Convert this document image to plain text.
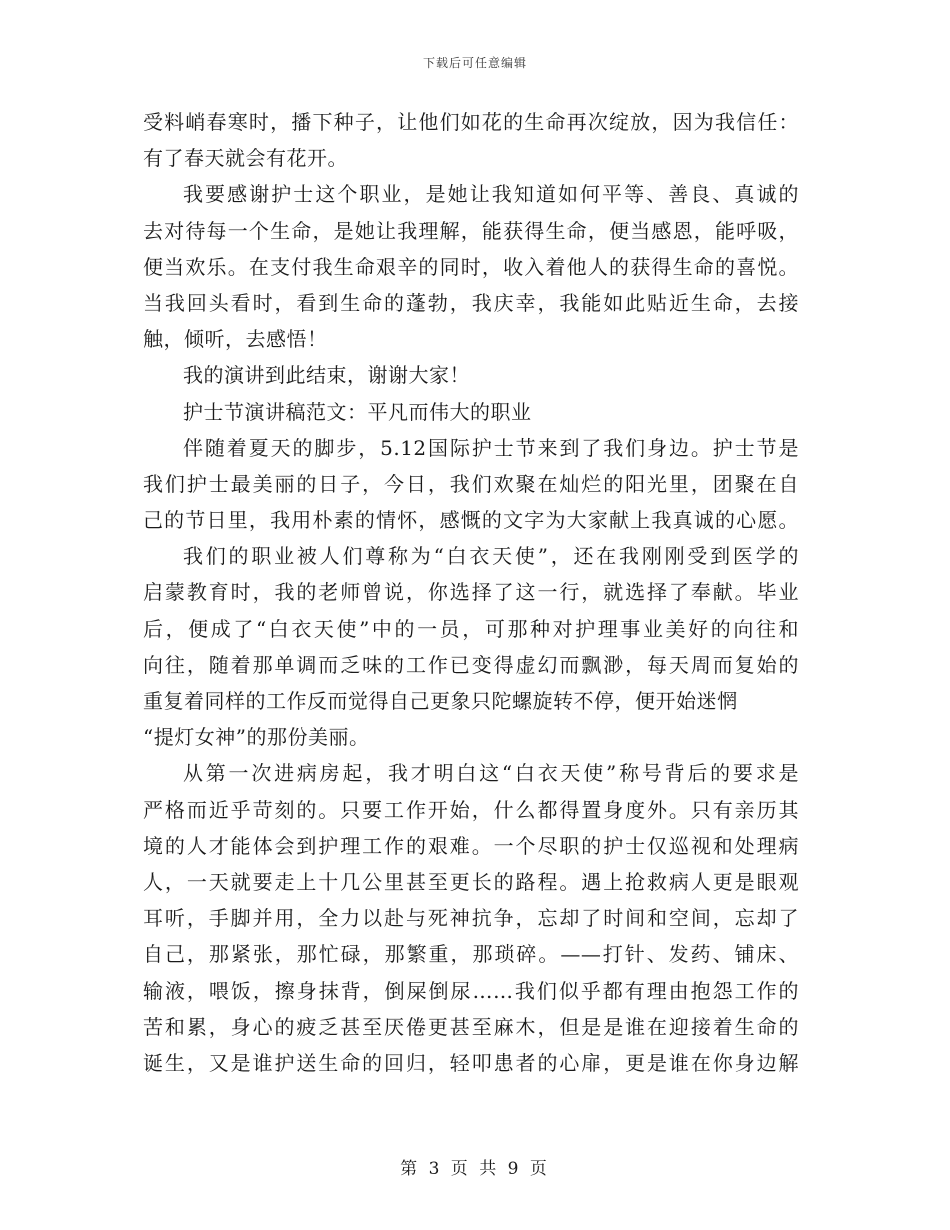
下载后可任意编辑
受料峭春寒时，播下种子，让他们如花的生命再次绽放，因为我信任：
有了春天就会有花开。
我要感谢护士这个职业，是她让我知道如何平等、善良、真诚的
去对待每一个生命，是她让我理解，能获得生命，便当感恩，能呼吸，
便当欢乐。在支付我生命艰辛的同时，收入着他人的获得生命的喜悦。
当我回头看时，看到生命的蓬勃，我庆幸，我能如此贴近生命，去接
触，倾听，去感悟！
我的演讲到此结束，谢谢大家！
护士节演讲稿范文：平凡而伟大的职业
伴随着夏天的脚步，5.12国际护士节来到了我们身边。护士节是
我们护士最美丽的日子，今日，我们欢聚在灿烂的阳光里，团聚在自
己的节日里，我用朴素的情怀，感慨的文字为大家献上我真诚的心愿。
我们的职业被人们尊称为“白衣天使”，还在我刚刚受到医学的
启蒙教育时，我的老师曾说，你选择了这一行，就选择了奉献。毕业
后，便成了“白衣天使”中的一员，可那种对护理事业美好的向往和
向往，随着那单调而乏味的工作已变得虚幻而飘渺，每天周而复始的
重复着同样的工作反而觉得自己更象只陀螺旋转不停，便开始迷惘
“提灯女神”的那份美丽。
从第一次进病房起，我才明白这“白衣天使”称号背后的要求是
严格而近乎苛刻的。只要工作开始，什么都得置身度外。只有亲历其
境的人才能体会到护理工作的艰难。一个尽职的护士仅巡视和处理病
人，一天就要走上十几公里甚至更长的路程。遇上抢救病人更是眼观
耳听，手脚并用，全力以赴与死神抗争，忘却了时间和空间，忘却了
自己，那紧张，那忙碌，那繁重，那琐碎。——打针、发药、铺床、
输液，喂饭，擦身抹背，倒屎倒尿……我们似乎都有理由抱怨工作的
苦和累，身心的疲乏甚至厌倦更甚至麻木，但是是谁在迎接着生命的
诞生，又是谁护送生命的回归，轻叩患者的心扉，更是谁在你身边解
第 3 页 共 9 页
